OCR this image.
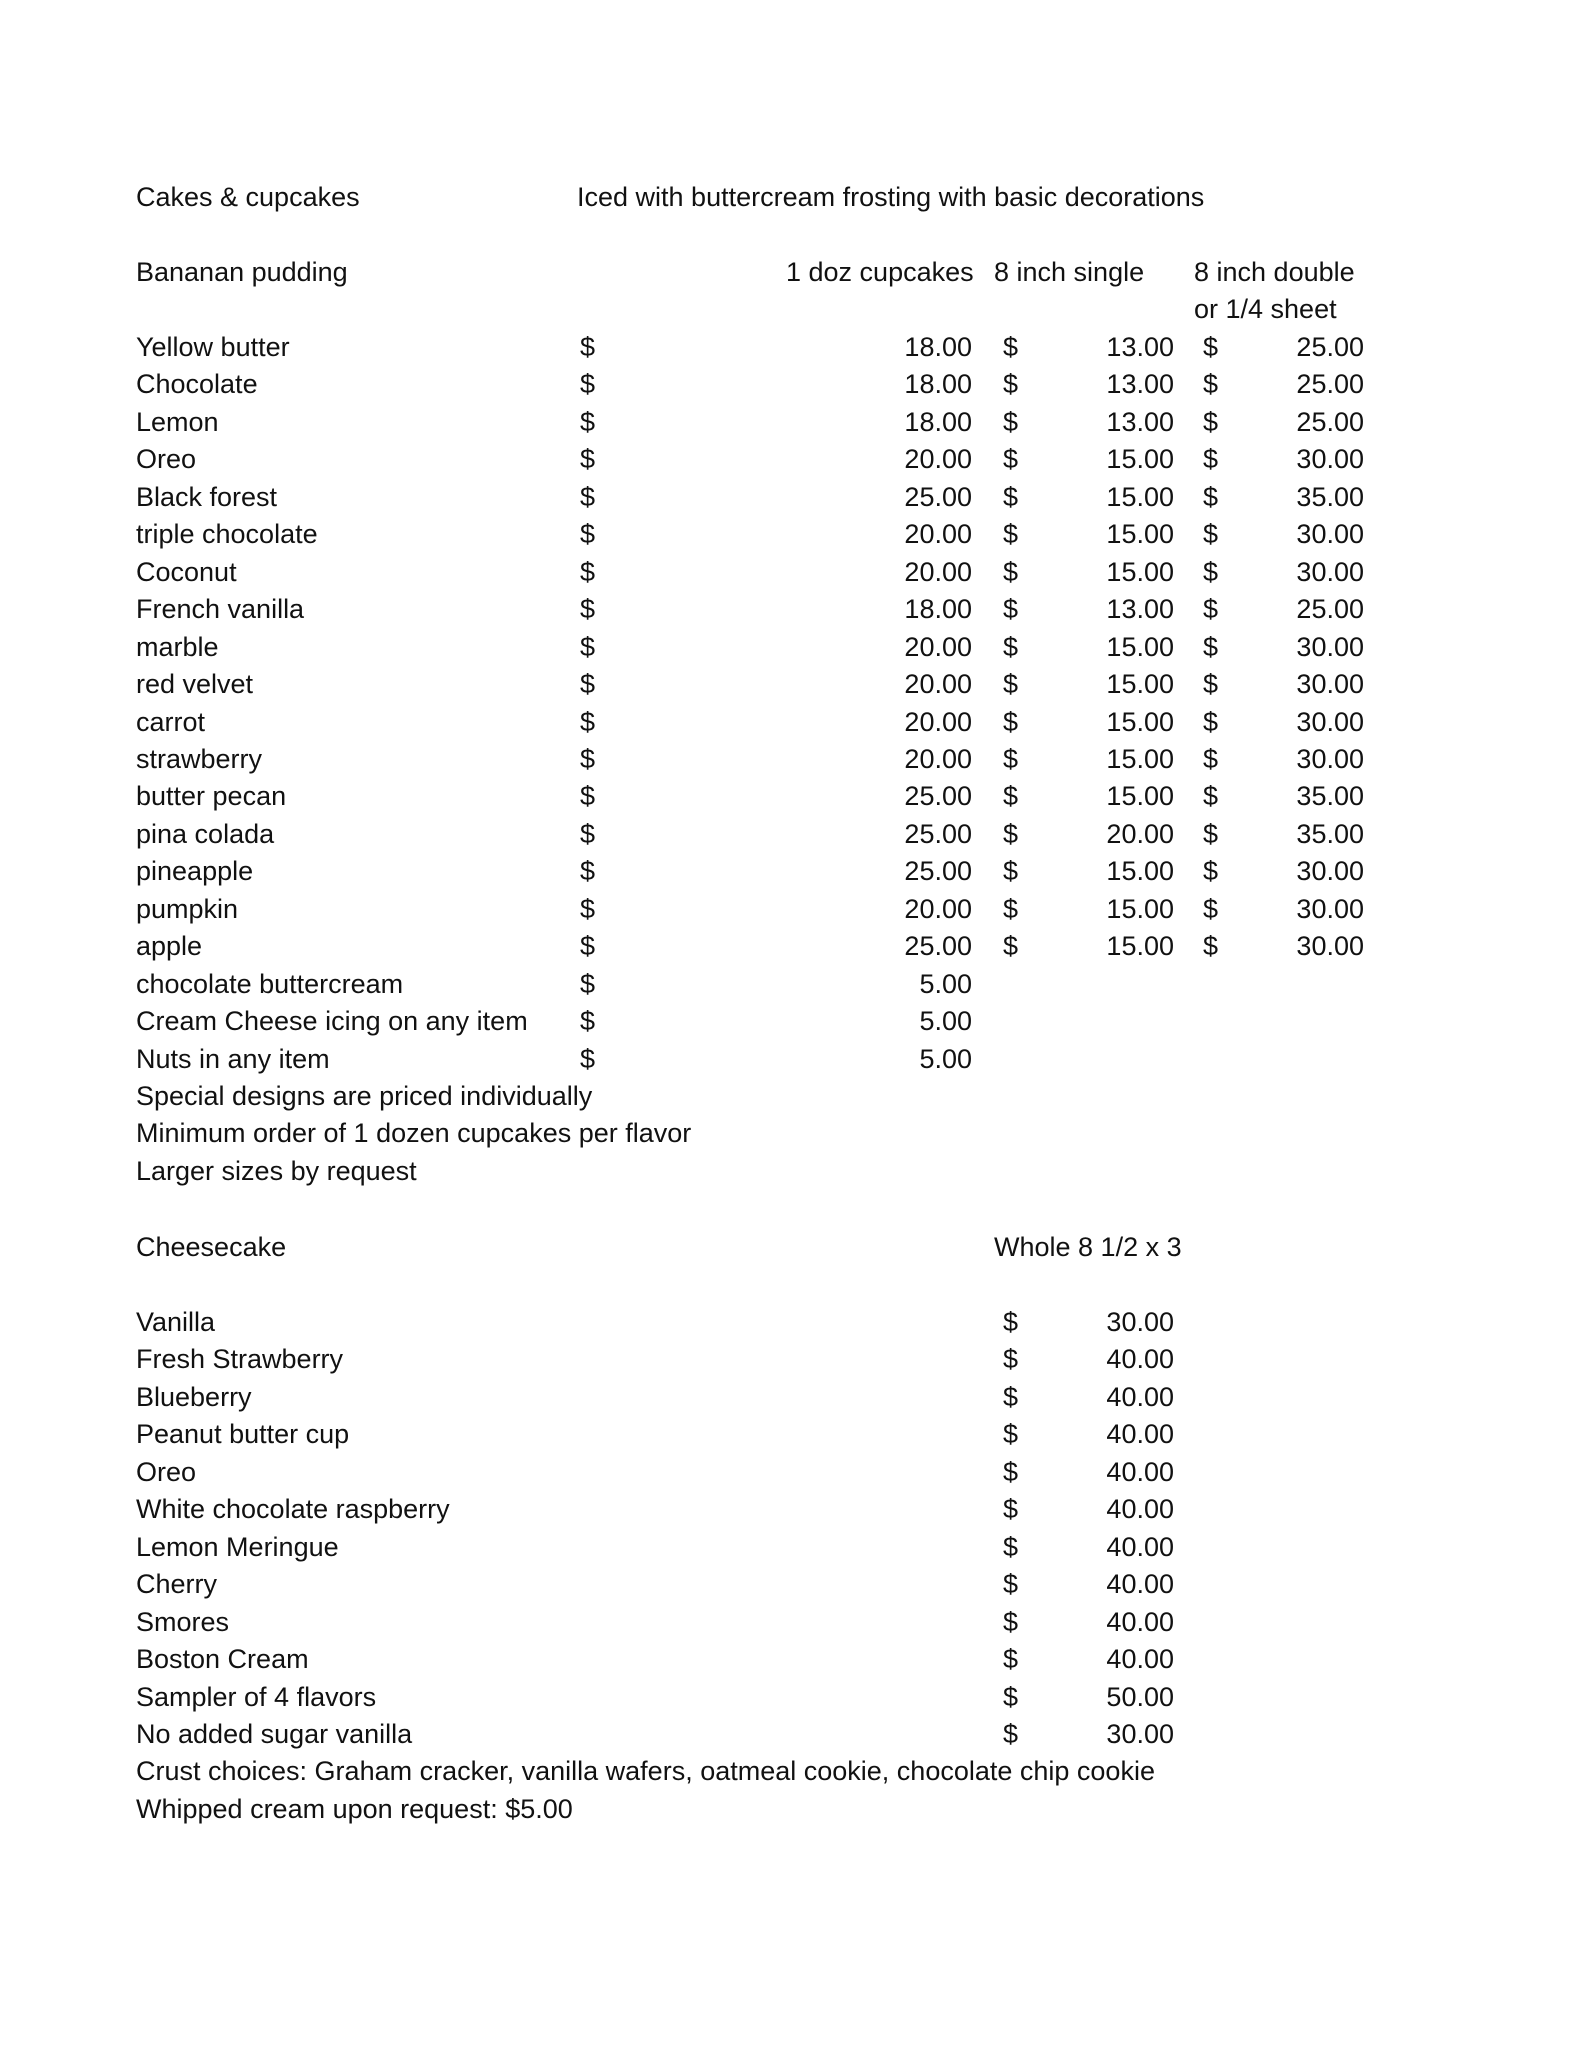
Cakes & cupcakes	Iced with buttercream frosting with basic decorations
Bananan pudding	1 doz cupcakes 8 inch single 8 inch double
or 1/4 sheet
Yellow butter	$	18.00 $	13.00 $	25.00
Chocolate	$	18.00 $	13.00 $	25.00
Lemon	$	18.00 $	13.00 $	25.00
Oreo	$	20.00 $	15.00 $	30.00
Black forest	$	25.00 $	15.00 $	35.00
triple chocolate	$	20.00 $	15.00 $	30.00
Coconut	$	20.00 $	15.00 $	30.00
French vanilla	$	18.00 $	13.00 $	25.00
marble	$	20.00 $	15.00 $	30.00
red velvet	$	20.00 $	15.00 $	30.00
carrot	$	20.00 $	15.00 $	30.00
strawberry	$	20.00 $	15.00 $	30.00
butter pecan	$	25.00 $	15.00 $	35.00
pina colada	$	25.00 $	20.00 $	35.00
pineapple	$	25.00 $	15.00 $	30.00
pumpkin	$	20.00 $	15.00 $	30.00
apple	$	25.00 $	15.00 $	30.00
chocolate buttercream	$	5.00
Cream Cheese icing on any item $	5.00
Nuts in any item	$	5.00
Special designs are priced individually
Minimum order of 1 dozen cupcakes per flavor
Larger sizes by request
Cheesecake	Whole 8 1/2 x 3
Vanilla	$	30.00
Fresh Strawberry	$	40.00
Blueberry	$	40.00
Peanut butter cup	$	40.00
Oreo	$	40.00
White chocolate raspberry	$	40.00
Lemon Meringue	$	40.00
Cherry	$	40.00
Smores	$	40.00
Boston Cream	$	40.00
Sampler of 4 flavors	$	50.00
No added sugar vanilla	$	30.00
Crust choices: Graham cracker, vanilla wafers, oatmeal cookie, chocolate chip cookie
Whipped cream upon request: $5.00
